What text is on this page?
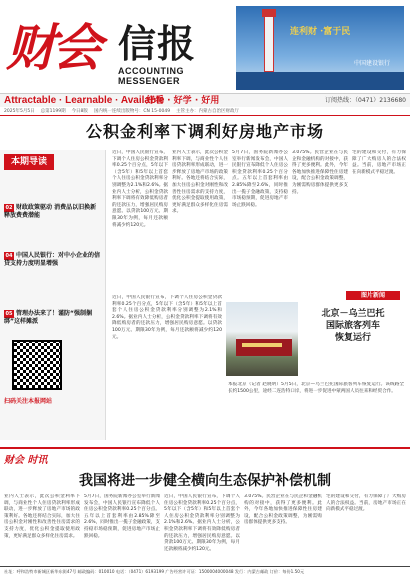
财会 信报
ACCOUNTING
MESSENGER
连利财 ·富于民
中国建设银行
Attractable · Learnable · Available
好看 · 好学 · 好用	订阅热线：（0471）2136680
2025年5月5日　 总第1199期　 今日8版　 国内统一连续出版物号：CN 15-0049　 主管主办：内蒙古自治区财政厅
公积金利率下调利好房地产市场
本期导读
02 财政政策驱动 消费品以旧换新释放费费潜能
04 中国人民银行：对中小企业的信贷支持力度明显增强
05 管理办法来了！谨防“强制捆绑”这样摊派
扫码关注本报网站
近日，中国人民银行宣布，下调个人住房公积金贷款利率0.25个百分点，5年以下（含5年）和5年以上首套个人住房公积金贷款利率分别调整为2.1%和2.6%。据业内人士分析，公积金贷款利率下调将有效降低购房者的还款压力，增强居民购房意愿。以贷款100万元、期限30年为例，每月还款额将减少约120元。
业内人士表示，此次公积金利率下调，与商业性个人住房贷款利率形成联动，进一步释放了房地产市场的政策利好。各地还将结合实际，加大住房公积金对刚性和改善性住房需求的支持力度，优化公积金提取使用政策，更好满足群众多样化住房需求。
5月7日，国务院新闻办公室举行新闻发布会，中国人民银行宣布降低个人住房公积金贷款利率0.25个百分点。五年以上首套利率由2.85%降至2.6%，同时推出一揽子金融政策，支持稳市场稳预期，促进房地产市场止跌回稳。
3.075%。民营企业在与民企和金融机构的对接中，获得了更多便利。此外，今年各地加快推进保障性住房建设，配合公积金政策调整，为刚需购房群体提供更多支持。
宅的建设和交付，有力保障了广大购房人的合法权益。当前，房地产市场正在向新模式平稳过渡。
近日，中国人民银行宣布，下调个人住房公积金贷款利率0.25个百分点，5年以下（含5年）和5年以上首套个人住房公积金贷款利率分别调整为2.1%和2.6%。据业内人士分析，公积金贷款利率下调将有效降低购房者的还款压力，增强居民购房意愿。以贷款100万元、期限30年为例，每月还款额将减少约120元。
图片新闻
北京－乌兰巴托
国际旅客列车
恢复运行
本报北京（记者 赵晓明）5月5日，北京—乌兰巴托国际旅客列车恢复运行。该线路全长约1500公里，途经二连浩特口岸，将进一步促进中蒙两国人员往来和经贸合作。
财会 时讯
我国将进一步健全横向生态保护补偿机制
业内人士表示，此次公积金利率下调，与商业性个人住房贷款利率形成联动，进一步释放了房地产市场的政策利好。各地还将结合实际，加大住房公积金对刚性和改善性住房需求的支持力度，优化公积金提取使用政策，更好满足群众多样化住房需求。
5月7日，国务院新闻办公室举行新闻发布会，中国人民银行宣布降低个人住房公积金贷款利率0.25个百分点。五年以上首套利率由2.85%降至2.6%，同时推出一揽子金融政策，支持稳市场稳预期，促进房地产市场止跌回稳。
近日，中国人民银行宣布，下调个人住房公积金贷款利率0.25个百分点，5年以下（含5年）和5年以上首套个人住房公积金贷款利率分别调整为2.1%和2.6%。据业内人士分析，公积金贷款利率下调将有效降低购房者的还款压力，增强居民购房意愿。以贷款100万元、期限30年为例，每月还款额将减少约120元。
3.075%。民营企业在与民企和金融机构的对接中，获得了更多便利。此外，今年各地加快推进保障性住房建设，配合公积金政策调整，为刚需购房群体提供更多支持。
宅的建设和交付，有力保障了广大购房人的合法权益。当前，房地产市场正在向新模式平稳过渡。
社址：呼和浩特市新城区新华东街47号 邮政编码：010010 电话：（0471）6193199 广告经营许可证：1500004000048 发行：内蒙古邮政 订价：每份1.50元
